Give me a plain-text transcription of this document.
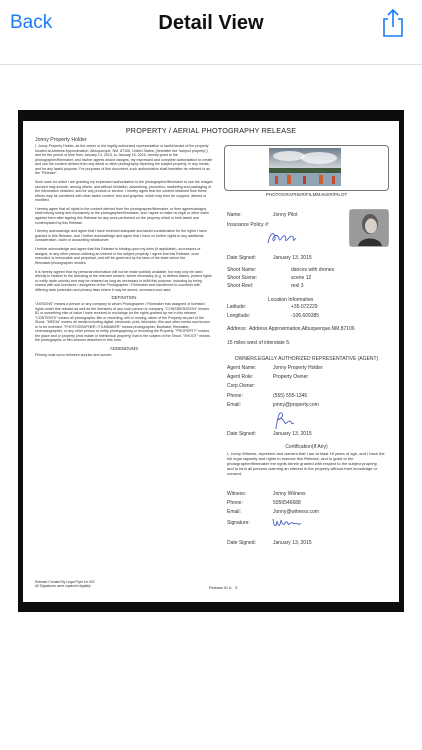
Back	Detail View
PROPERTY / AERIAL PHOTOGRAPHY RELEASE
Jonny Property Holder

I, Jonny Property Holder, as the owner or the legally authorized representative or lawful tenant of the property located at Address Approximation, Albuquerque, NM, 87106, United States, (hereafter the "subject property"), and for the period of time from January 14, 2015, to January 15, 2016, hereby grant to the photographer/filmmaker, and his/her agents and/or assigns, my expressed and complete authorization to create and use the content derived from any aerial or other photography depicting the subject property, in any media, and for any lawful purpose. For purposes of this document, such authorization shall hereafter be referred to as the "Release".

Such uses for which I am granting my expressed authorization to the photographer/filmmaker to use the images secured may include, among others, and without limitation, advertising, promotion, marketing and packaging of the information obtained, and for any product or service. I hereby agree that the content obtained from these efforts may be combined with other lawful content, text and graphics, which may then be cropped, altered or modified.

I hereby agree that all rights to the content derived from the photographer/filmmaker, or their agents/assigns, shall belong solely and exclusively to the photographer/filmmaker, and I agree to make no legal or other claim against them after signing this Release for any work performed on the property which is both lawful and contemplated by this Release.

I hereby acknowledge and agree that I have received adequate and lawful consideration for the rights I have granted in this Release, and I further acknowledge and agree that I have no further rights to any additional consideration, claim or accounting whatsoever.

I further acknowledge and agree that this Release is binding upon my heirs (if applicable), successors or assigns, or any other person claiming an interest in the subject property. I agree that this Release, once executed, is irrevocable and perpetual, and will be governed by the laws of the state where the filmmaker/photographer resides.

It is hereby agreed that my personal information will not be made publicly available, but may only be used directly in relation to the licensing of the relevant content, where necessary (e.g. to defend claims, protect rights or notify trade unions) and may be retained as long as necessary to fulfill this purpose, including by being shared with sub-licensees / assignees of the Photographer / Filmmaker and transferred to countries with differing data protection and privacy laws where it may be stored, accessed and used.

DEFINITION

"ASSIGNS" means a person or any company to whom Photographer / Filmmaker has assigned or licensed rights under this release as well as the licensees of any such person or company. "CONSIDERATION" means $1 or something else of value I have received in exchange for the rights granted by me in this release. "CONTENTS" means all photographs, film or recording, still or moving, taken of the Property as part of the Shoot. "MEDIA" means all media including digital, electronic, print, television, film and other media now known or to be invented. "PHOTOGRAPHER / FILMMAKER" means photographer, illustrator, filmmaker, cinematographer, or any other person or entity photographing or recording the Property. "PROPERTY" means the place and or property (real estate or intellectual property) that is the subject of the Shoot. "SHOOT" means the photographic or film session described in this form.

ADDENDUMS

Filming must occur between sunrise and sunset.

Release Created By Legal Flyer for iOS
All Signatures were captured digitally	Release ID #: 5
PHOTOGRAPHER/FILMMAKER/PILOT
Name:	Jonny Pilot
Insurance Policy #:
Date Signed:	January 13, 2015
Shoot Name:	dances with drones
Shoot Scene:	scene 12
Shoot Reel:	reel 3
Location Information
Latitude:	+35.072229
Longitude:	-106.609385
Address: Address Approximation,Albuquerque,NM,87106
15 miles west of interstate 5.
OWNER/LEGALLY AUTHORIZED REPRESENTATIVE (AGENT)
Agent Name:	Jonny Property Holder
Agent Role:	Property Owner
Corp.Owner:
Phone:	(555) 555-1345
Email:	jonny@property.com
Date Signed:	January 13, 2015
Certification(If Any)
I, Jonny Witness, represent and warrant that I am at least 18 years of age, and I have the full legal capacity and rights to execute this Release, and to grant to the photographer/filmmaker the rights herein granted with respect to the subject property, and to bind all persons claiming an interest in the property without their knowledge or consent.
Witness:	Jonny Witness
Phone:	5056546688
Email:	Jonny@witness.com
Signature:
Date Signed:	January 13, 2015
